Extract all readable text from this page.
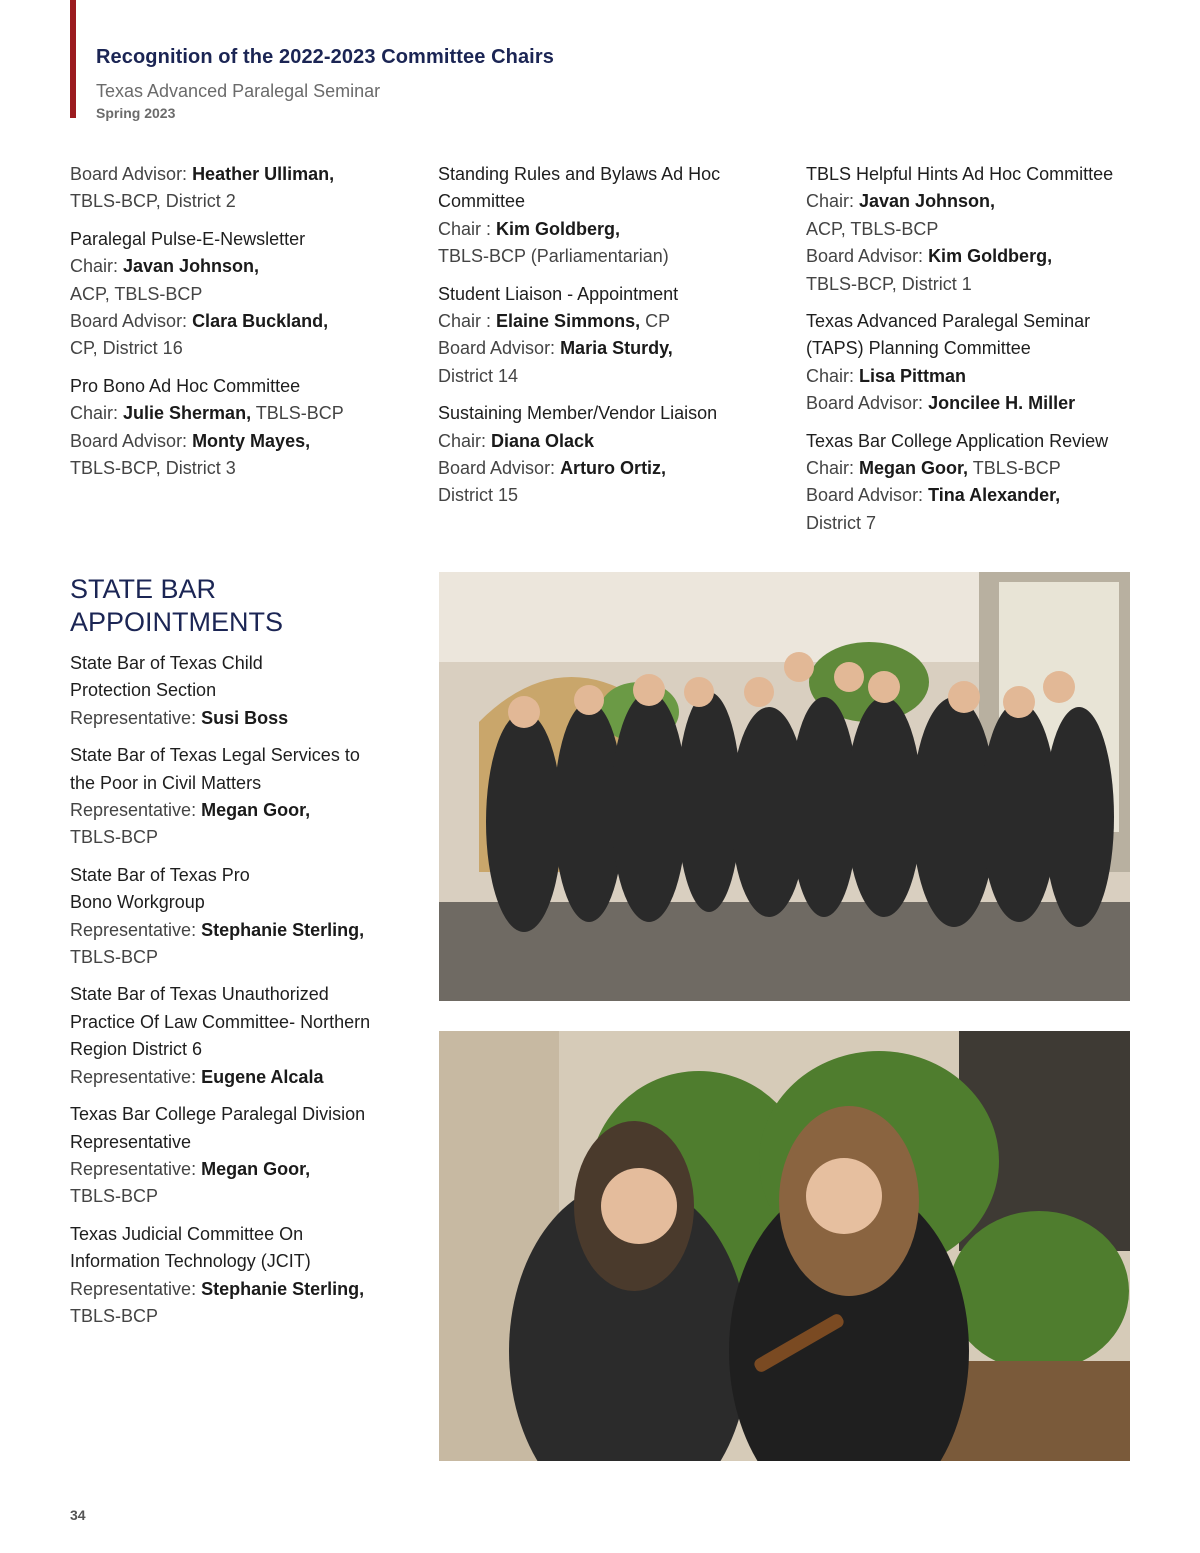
Recognition of the 2022-2023 Committee Chairs
Texas Advanced Paralegal Seminar
Spring 2023
Board Advisor: Heather Ulliman,
TBLS-BCP, District 2
Paralegal Pulse-E-Newsletter
Chair: Javan Johnson,
ACP, TBLS-BCP
Board Advisor: Clara Buckland,
CP, District 16
Pro Bono Ad Hoc Committee
Chair: Julie Sherman, TBLS-BCP
Board Advisor: Monty Mayes,
TBLS-BCP, District 3
Standing Rules and Bylaws Ad Hoc
Committee
Chair : Kim Goldberg,
TBLS-BCP (Parliamentarian)
Student Liaison - Appointment
Chair : Elaine Simmons, CP
Board Advisor: Maria Sturdy,
District 14
Sustaining Member/Vendor Liaison
Chair: Diana Olack
Board Advisor: Arturo Ortiz,
District 15
TBLS Helpful Hints Ad Hoc Committee
Chair: Javan Johnson,
ACP, TBLS-BCP
Board Advisor: Kim Goldberg,
TBLS-BCP, District 1
Texas Advanced Paralegal Seminar
(TAPS) Planning Committee
Chair: Lisa Pittman
Board Advisor: Joncilee H. Miller
Texas Bar College Application Review
Chair: Megan Goor, TBLS-BCP
Board Advisor: Tina Alexander,
District 7
STATE BAR
APPOINTMENTS
State Bar of Texas Child
Protection Section
Representative: Susi Boss
State Bar of Texas Legal Services to
the Poor in Civil Matters
Representative: Megan Goor,
TBLS-BCP
State Bar of Texas Pro
Bono Workgroup
Representative: Stephanie Sterling,
TBLS-BCP
State Bar of Texas Unauthorized
Practice Of Law Committee- Northern
Region District 6
Representative: Eugene Alcala
Texas Bar College Paralegal Division
Representative
Representative: Megan Goor,
TBLS-BCP
Texas Judicial Committee On
Information Technology (JCIT)
Representative: Stephanie Sterling,
TBLS-BCP
34
